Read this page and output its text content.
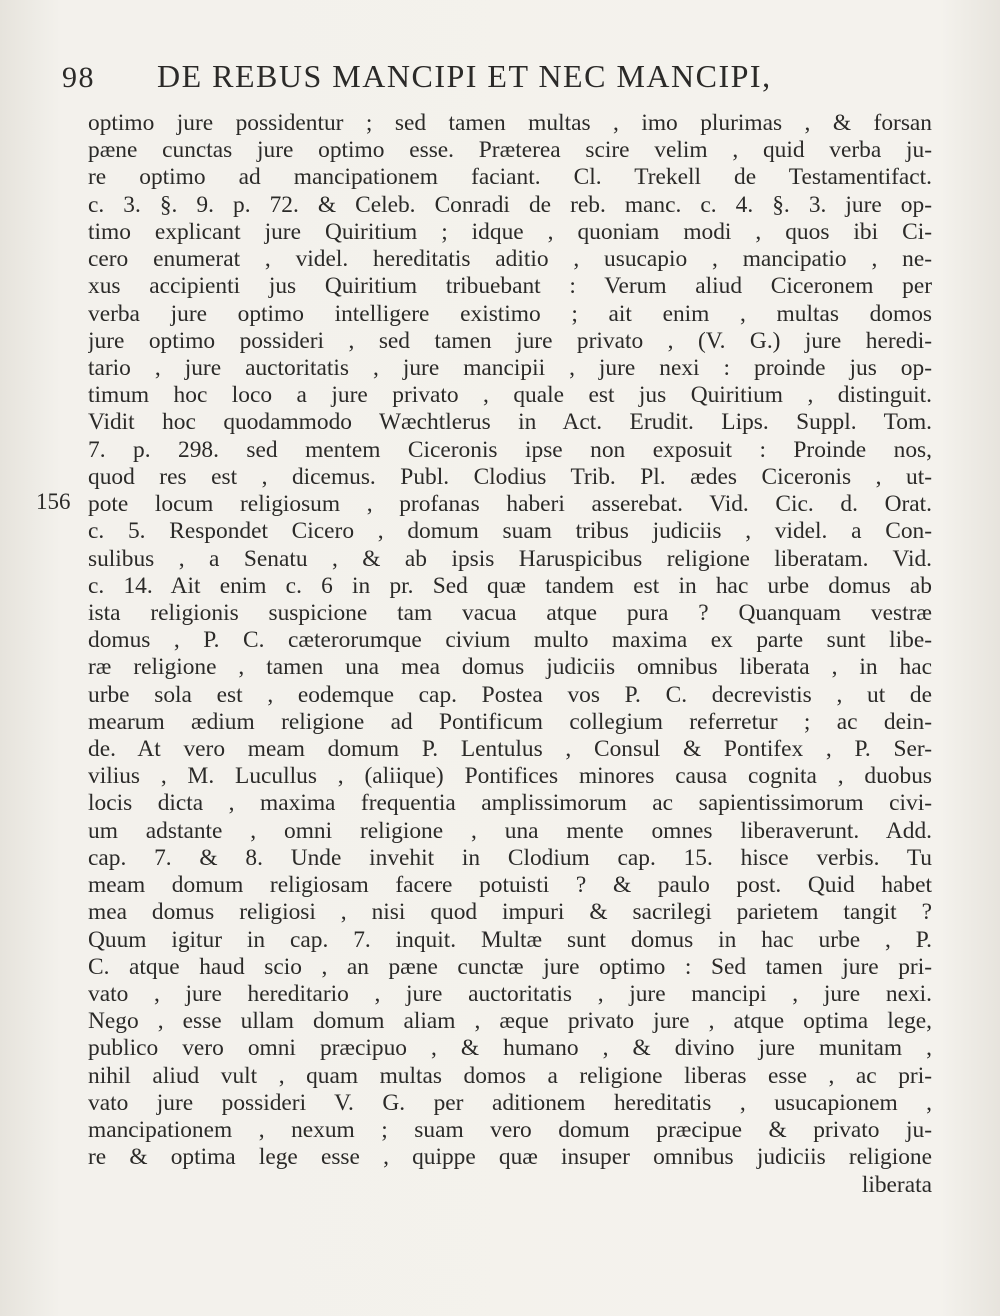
98	DE REBUS MANCIPI ET NEC MANCIPI,
156
optimo jure possidentur ; sed tamen multas , imo plurimas , & forsan
pæne cunctas jure optimo esse. Præterea scire velim , quid verba ju-
re optimo ad mancipationem faciant. Cl. Trekell de Testamentifact.
c. 3. §. 9. p. 72. & Celeb. Conradi de reb. manc. c. 4. §. 3. jure op-
timo explicant jure Quiritium ; idque , quoniam modi , quos ibi Ci-
cero enumerat , videl. hereditatis aditio , usucapio , mancipatio , ne-
xus accipienti jus Quiritium tribuebant : Verum aliud Ciceronem per
verba jure optimo intelligere existimo ; ait enim , multas domos
jure optimo possideri , sed tamen jure privato , (V. G.) jure heredi-
tario , jure auctoritatis , jure mancipii , jure nexi : proinde jus op-
timum hoc loco a jure privato , quale est jus Quiritium , distinguit.
Vidit hoc quodammodo Wæchtlerus in Act. Erudit. Lips. Suppl. Tom.
7. p. 298. sed mentem Ciceronis ipse non exposuit : Proinde nos,
quod res est , dicemus. Publ. Clodius Trib. Pl. ædes Ciceronis , ut-
pote locum religiosum , profanas haberi asserebat. Vid. Cic. d. Orat.
c. 5. Respondet Cicero , domum suam tribus judiciis , videl. a Con-
sulibus , a Senatu , & ab ipsis Haruspicibus religione liberatam. Vid.
c. 14. Ait enim c. 6 in pr. Sed quæ tandem est in hac urbe domus ab
ista religionis suspicione tam vacua atque pura ? Quanquam vestræ
domus , P. C. cæterorumque civium multo maxima ex parte sunt libe-
ræ religione , tamen una mea domus judiciis omnibus liberata , in hac
urbe sola est , eodemque cap. Postea vos P. C. decrevistis , ut de
mearum ædium religione ad Pontificum collegium referretur ; ac dein-
de. At vero meam domum P. Lentulus , Consul & Pontifex , P. Ser-
vilius , M. Lucullus , (aliique) Pontifices minores causa cognita , duobus
locis dicta , maxima frequentia amplissimorum ac sapientissimorum civi-
um adstante , omni religione , una mente omnes liberaverunt. Add.
cap. 7. & 8. Unde invehit in Clodium cap. 15. hisce verbis. Tu
meam domum religiosam facere potuisti ? & paulo post. Quid habet
mea domus religiosi , nisi quod impuri & sacrilegi parietem tangit ?
Quum igitur in cap. 7. inquit. Multæ sunt domus in hac urbe , P.
C. atque haud scio , an pæne cunctæ jure optimo : Sed tamen jure pri-
vato , jure hereditario , jure auctoritatis , jure mancipi , jure nexi.
Nego , esse ullam domum aliam , æque privato jure , atque optima lege,
publico vero omni præcipuo , & humano , & divino jure munitam ,
nihil aliud vult , quam multas domos a religione liberas esse , ac pri-
vato jure possideri V. G. per aditionem hereditatis , usucapionem ,
mancipationem , nexum ; suam vero domum præcipue & privato ju-
re & optima lege esse , quippe quæ insuper omnibus judiciis religione
liberata
